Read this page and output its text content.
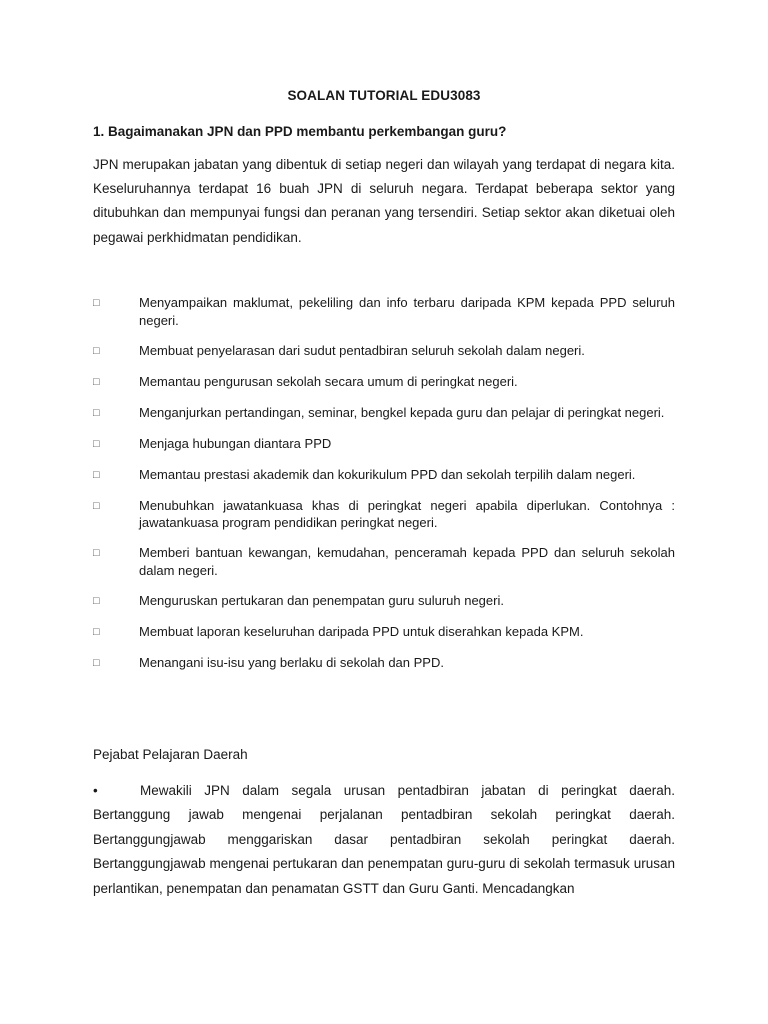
SOALAN TUTORIAL EDU3083
1. Bagaimanakan JPN dan PPD membantu perkembangan guru?

JPN merupakan jabatan yang dibentuk di setiap negeri dan wilayah yang terdapat di negara kita. Keseluruhannya terdapat 16 buah JPN di seluruh negara. Terdapat beberapa sektor yang ditubuhkan dan mempunyai fungsi dan peranan yang tersendiri. Setiap sektor akan diketuai oleh pegawai perkhidmatan pendidikan.

□	Menyampaikan maklumat, pekeliling dan info terbaru daripada KPM kepada PPD seluruh negeri.
□	Membuat penyelarasan dari sudut pentadbiran seluruh sekolah dalam negeri.
□	Memantau pengurusan sekolah secara umum di peringkat negeri.
□	Menganjurkan pertandingan, seminar, bengkel kepada guru dan pelajar di peringkat negeri.
□	Menjaga hubungan diantara PPD
□	Memantau prestasi akademik dan kokurikulum PPD dan sekolah terpilih dalam negeri.
□	Menubuhkan jawatankuasa khas di peringkat negeri apabila diperlukan. Contohnya : jawatankuasa program pendidikan peringkat negeri.
□	Memberi bantuan kewangan, kemudahan, penceramah kepada PPD dan seluruh sekolah dalam negeri.
□	Menguruskan pertukaran dan penempatan guru suluruh negeri.
□	Membuat laporan keseluruhan daripada PPD untuk diserahkan kepada KPM.
□	Menangani isu-isu yang berlaku di sekolah dan PPD.
Pejabat Pelajaran Daerah

•	Mewakili JPN dalam segala urusan pentadbiran jabatan di peringkat daerah. Bertanggung jawab mengenai perjalanan pentadbiran sekolah peringkat daerah. Bertanggungjawab menggariskan dasar pentadbiran sekolah peringkat daerah. Bertanggungjawab mengenai pertukaran dan penempatan guru-guru di sekolah termasuk urusan perlantikan, penempatan dan penamatan GSTT dan Guru Ganti. Mencadangkan
